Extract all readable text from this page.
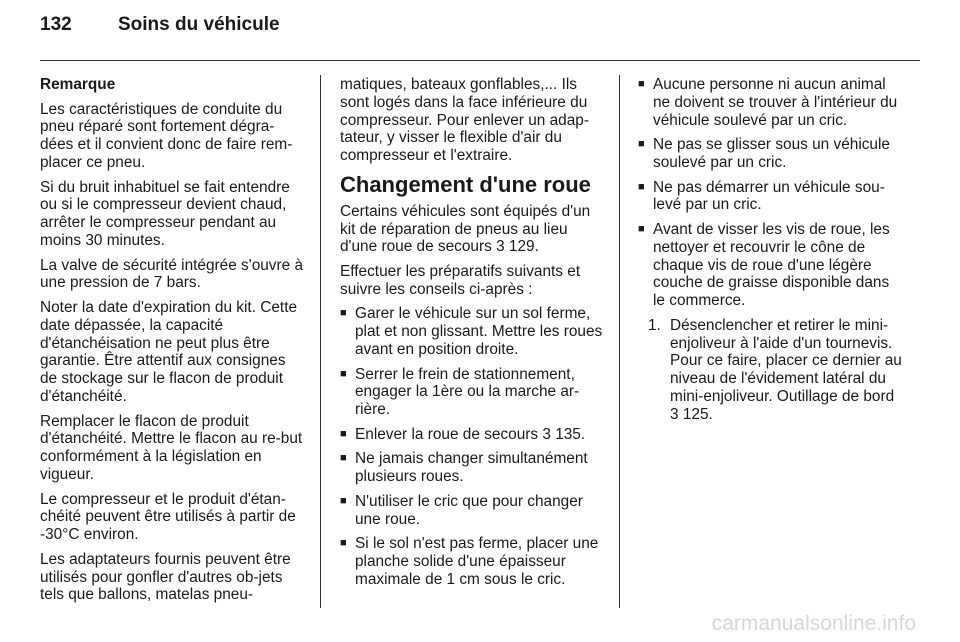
132 Soins du véhicule

Remarque

Les caractéristiques de conduite du pneu réparé sont fortement dégra-dées et il convient donc de faire rem-placer ce pneu.

Si du bruit inhabituel se fait entendre ou si le compresseur devient chaud, arrêter le compresseur pendant au moins 30 minutes.

La valve de sécurité intégrée s'ouvre à une pression de 7 bars.

Noter la date d'expiration du kit. Cette date dépassée, la capacité d'étanchéisation ne peut plus être garantie. Être attentif aux consignes de stockage sur le flacon de produit d'étanchéité.

Remplacer le flacon de produit d'étanchéité. Mettre le flacon au re-but conformément à la législation en vigueur.

Le compresseur et le produit d'étan-chéité peuvent être utilisés à partir de -30°C environ.

Les adaptateurs fournis peuvent être utilisés pour gonfler d'autres ob-jets tels que ballons, matelas pneu-

matiques, bateaux gonflables,... Ils sont logés dans la face inférieure du compresseur. Pour enlever un adap-tateur, y visser le flexible d'air du compresseur et l'extraire.

Changement d'une roue

Certains véhicules sont équipés d'un kit de réparation de pneus au lieu d'une roue de secours 3 129.

Effectuer les préparatifs suivants et suivre les conseils ci-après :

■ Garer le véhicule sur un sol ferme, plat et non glissant. Mettre les roues avant en position droite.
■ Serrer le frein de stationnement, engager la 1ère ou la marche ar-rière.
■ Enlever la roue de secours 3 135.
■ Ne jamais changer simultanément plusieurs roues.
■ N'utiliser le cric que pour changer une roue.
■ Si le sol n'est pas ferme, placer une planche solide d'une épaisseur maximale de 1 cm sous le cric.
■ Aucune personne ni aucun animal ne doivent se trouver à l'intérieur du véhicule soulevé par un cric.
■ Ne pas se glisser sous un véhicule soulevé par un cric.
■ Ne pas démarrer un véhicule sou-levé par un cric.
■ Avant de visser les vis de roue, les nettoyer et recouvrir le cône de chaque vis de roue d'une légère couche de graisse disponible dans le commerce.
1. Désenclencher et retirer le mini-enjoliveur à l'aide d'un tournevis. Pour ce faire, placer ce dernier au niveau de l'évidement latéral du mini-enjoliveur. Outillage de bord 3 125.
carmanualsonline.info
